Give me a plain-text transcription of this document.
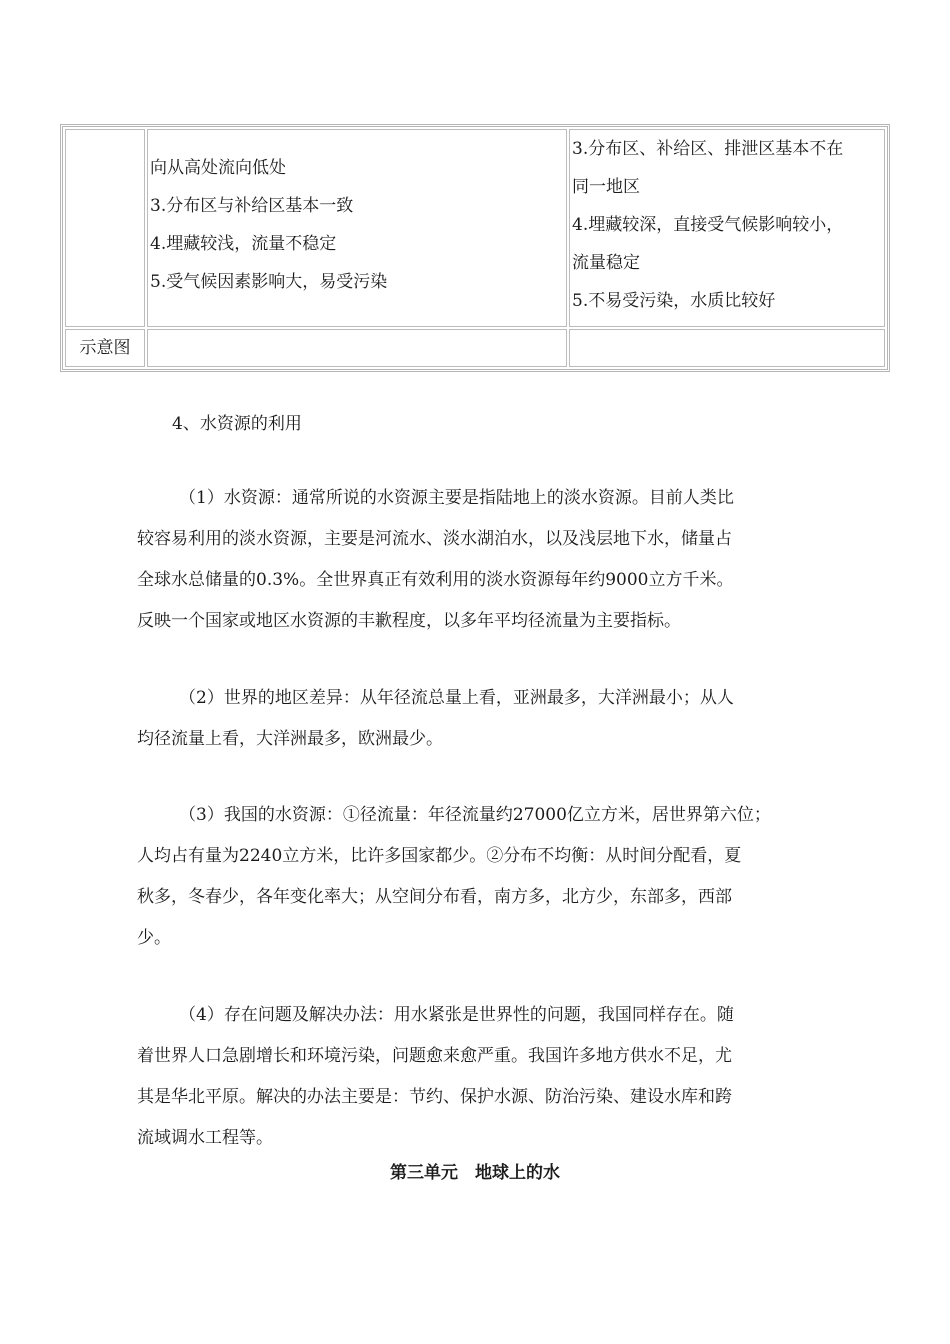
向从高处流向低处
3.分布区与补给区基本一致
4.埋藏较浅，流量不稳定
5.受气候因素影响大，易受污染
3.分布区、补给区、排泄区基本不在
同一地区
4.埋藏较深，直接受气候影响较小，
流量稳定
5.不易受污染，水质比较好
示意图
4、水资源的利用
（1）水资源：通常所说的水资源主要是指陆地上的淡水资源。目前人类比
较容易利用的淡水资源，主要是河流水、淡水湖泊水，以及浅层地下水，储量占
全球水总储量的0.3%。全世界真正有效利用的淡水资源每年约9000立方千米。
反映一个国家或地区水资源的丰歉程度，以多年平均径流量为主要指标。
（2）世界的地区差异：从年径流总量上看，亚洲最多，大洋洲最小；从人
均径流量上看，大洋洲最多，欧洲最少。
（3）我国的水资源：①径流量：年径流量约27000亿立方米，居世界第六位；
人均占有量为2240立方米，比许多国家都少。②分布不均衡：从时间分配看，夏
秋多，冬春少，各年变化率大；从空间分布看，南方多，北方少，东部多，西部
少。
（4）存在问题及解决办法：用水紧张是世界性的问题，我国同样存在。随
着世界人口急剧增长和环境污染，问题愈来愈严重。我国许多地方供水不足，尤
其是华北平原。解决的办法主要是：节约、保护水源、防治污染、建设水库和跨
流域调水工程等。
第三单元　地球上的水
